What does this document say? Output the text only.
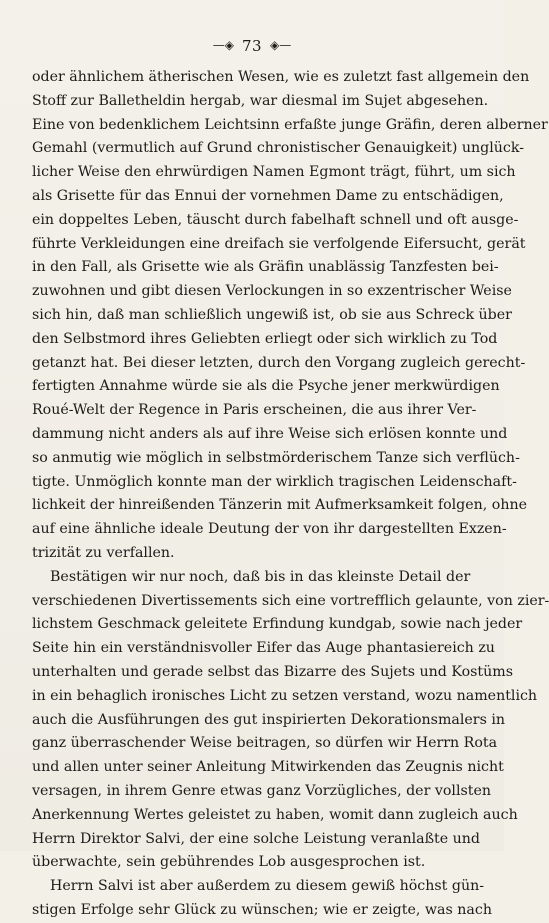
—◈ 73 ◈—
oder ähnlichem ätherischen Wesen, wie es zuletzt fast allgemein den
Stoff zur Balletheldin hergab, war diesmal im Sujet abgesehen.
Eine von bedenklichem Leichtsinn erfaßte junge Gräfin, deren alberner
Gemahl (vermutlich auf Grund chronistischer Genauigkeit) unglück-
licher Weise den ehrwürdigen Namen Egmont trägt, führt, um sich
als Grisette für das Ennui der vornehmen Dame zu entschädigen,
ein doppeltes Leben, täuscht durch fabelhaft schnell und oft ausge-
führte Verkleidungen eine dreifach sie verfolgende Eifersucht, gerät
in den Fall, als Grisette wie als Gräfin unablässig Tanzfesten bei-
zuwohnen und gibt diesen Verlockungen in so exzentrischer Weise
sich hin, daß man schließlich ungewiß ist, ob sie aus Schreck über
den Selbstmord ihres Geliebten erliegt oder sich wirklich zu Tod
getanzt hat. Bei dieser letzten, durch den Vorgang zugleich gerecht-
fertigten Annahme würde sie als die Psyche jener merkwürdigen
Roué-Welt der Regence in Paris erscheinen, die aus ihrer Ver-
dammung nicht anders als auf ihre Weise sich erlösen konnte und
so anmutig wie möglich in selbstmörderischem Tanze sich verflüch-
tigte. Unmöglich konnte man der wirklich tragischen Leidenschaft-
lichkeit der hinreißenden Tänzerin mit Aufmerksamkeit folgen, ohne
auf eine ähnliche ideale Deutung der von ihr dargestellten Exzen-
trizität zu verfallen.
Bestätigen wir nur noch, daß bis in das kleinste Detail der
verschiedenen Divertissements sich eine vortrefflich gelaunte, von zier-
lichstem Geschmack geleitete Erfindung kundgab, sowie nach jeder
Seite hin ein verständnisvoller Eifer das Auge phantasiereich zu
unterhalten und gerade selbst das Bizarre des Sujets und Kostüms
in ein behaglich ironisches Licht zu setzen verstand, wozu namentlich
auch die Ausführungen des gut inspirierten Dekorationsmalers in
ganz überraschender Weise beitragen, so dürfen wir Herrn Rota
und allen unter seiner Anleitung Mitwirkenden das Zeugnis nicht
versagen, in ihrem Genre etwas ganz Vorzügliches, der vollsten
Anerkennung Wertes geleistet zu haben, womit dann zugleich auch
Herrn Direktor Salvi, der eine solche Leistung veranlaßte und
überwachte, sein gebührendes Lob ausgesprochen ist.
Herrn Salvi ist aber außerdem zu diesem gewiß höchst gün-
stigen Erfolge sehr Glück zu wünschen; wie er zeigte, was nach
